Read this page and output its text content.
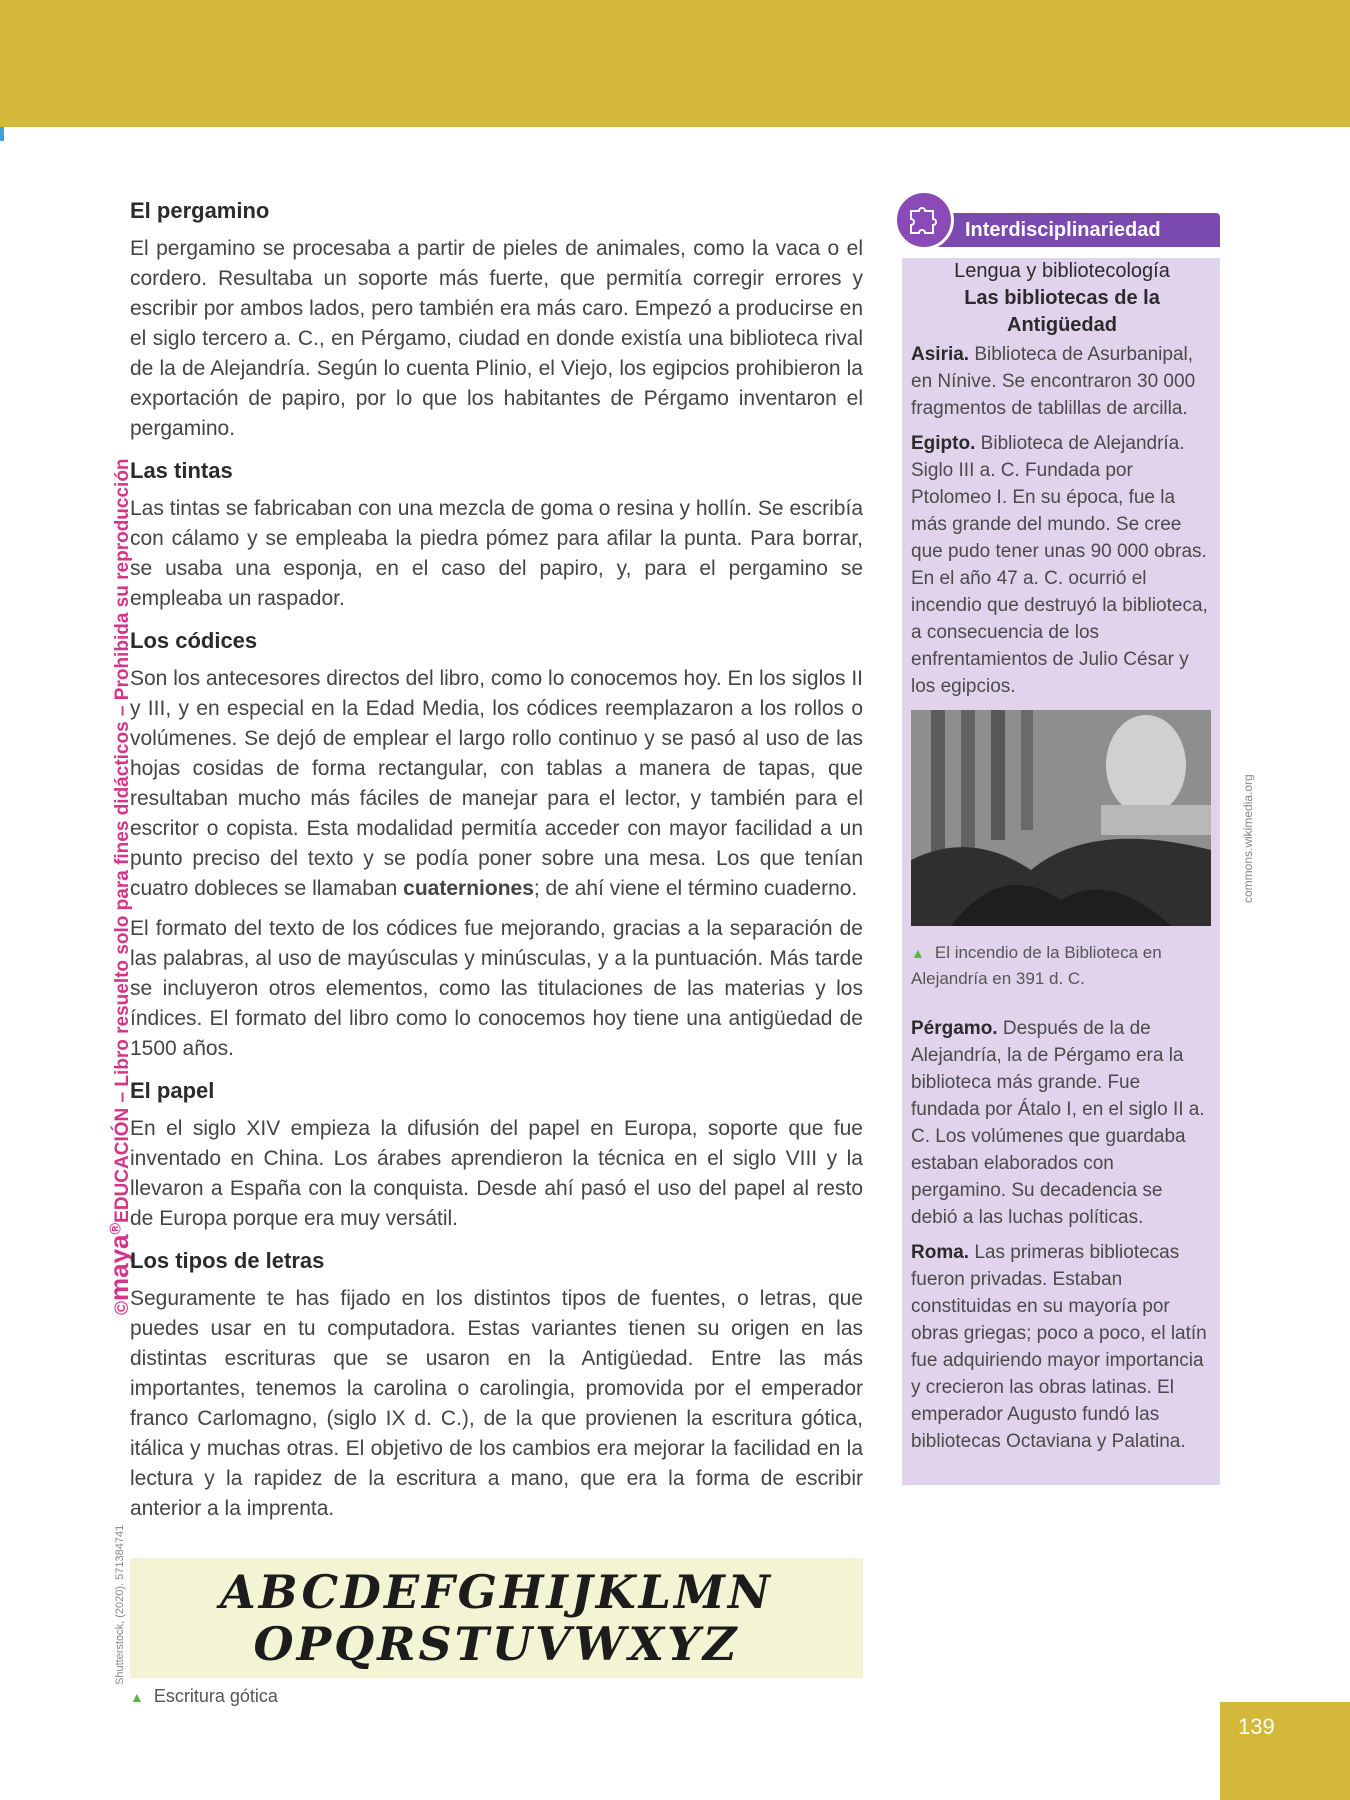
©maya®EDUCACIÓN – Libro resuelto solo para fines didácticos – Prohibida su reproducción
Shutterstock, (2020). 571384741
commons.wikimedia.org
El pergamino

El pergamino se procesaba a partir de pieles de animales, como la vaca o el cordero. Resultaba un soporte más fuerte, que permitía corregir errores y escribir por ambos lados, pero también era más caro. Empezó a producirse en el siglo tercero a. C., en Pérgamo, ciudad en donde existía una biblioteca rival de la de Alejandría. Según lo cuenta Plinio, el Viejo, los egipcios prohibieron la exportación de papiro, por lo que los habitantes de Pérgamo inventaron el pergamino.

Las tintas

Las tintas se fabricaban con una mezcla de goma o resina y hollín. Se escribía con cálamo y se empleaba la piedra pómez para afilar la punta. Para borrar, se usaba una esponja, en el caso del papiro, y, para el pergamino se empleaba un raspador.

Los códices

Son los antecesores directos del libro, como lo conocemos hoy. En los siglos II y III, y en especial en la Edad Media, los códices reemplazaron a los rollos o volúmenes. Se dejó de emplear el largo rollo continuo y se pasó al uso de las hojas cosidas de forma rectangular, con tablas a manera de tapas, que resultaban mucho más fáciles de manejar para el lector, y también para el escritor o copista. Esta modalidad permitía acceder con mayor facilidad a un punto preciso del texto y se podía poner sobre una mesa. Los que tenían cuatro dobleces se llamaban cuaterniones; de ahí viene el término cuaderno.

El formato del texto de los códices fue mejorando, gracias a la separación de las palabras, al uso de mayúsculas y minúsculas, y a la puntuación. Más tarde se incluyeron otros elementos, como las titulaciones de las materias y los índices. El formato del libro como lo conocemos hoy tiene una antigüedad de 1500 años.

El papel

En el siglo XIV empieza la difusión del papel en Europa, soporte que fue inventado en China. Los árabes aprendieron la técnica en el siglo VIII y la llevaron a España con la conquista. Desde ahí pasó el uso del papel al resto de Europa porque era muy versátil.

Los tipos de letras

Seguramente te has fijado en los distintos tipos de fuentes, o letras, que puedes usar en tu computadora. Estas variantes tienen su origen en las distintas escrituras que se usaron en la Antigüedad. Entre las más importantes, tenemos la carolina o carolingia, promovida por el emperador franco Carlomagno, (siglo IX d. C.), de la que provienen la escritura gótica, itálica y muchas otras. El objetivo de los cambios era mejorar la facilidad en la lectura y la rapidez de la escritura a mano, que era la forma de escribir anterior a la imprenta.

ABCDEFGHIJKLMN
OPQRSTUVWXYZ
▲ Escritura gótica
Interdisciplinariedad

Lengua y bibliotecología

Las bibliotecas de la Antigüedad

Asiria. Biblioteca de Asurbanipal, en Nínive. Se encontraron 30 000 fragmentos de tablillas de arcilla.

Egipto. Biblioteca de Alejandría. Siglo III a. C. Fundada por Ptolomeo I. En su época, fue la más grande del mundo. Se cree que pudo tener unas 90 000 obras. En el año 47 a. C. ocurrió el incendio que destruyó la biblioteca, a consecuencia de los enfrentamientos de Julio César y los egipcios.

▲ El incendio de la Biblioteca en Alejandría en 391 d. C.

Pérgamo. Después de la de Alejandría, la de Pérgamo era la biblioteca más grande. Fue fundada por Átalo I, en el siglo II a. C. Los volúmenes que guardaba estaban elaborados con pergamino. Su decadencia se debió a las luchas políticas.

Roma. Las primeras bibliotecas fueron privadas. Estaban constituidas en su mayoría por obras griegas; poco a poco, el latín fue adquiriendo mayor importancia y crecieron las obras latinas. El emperador Augusto fundó las bibliotecas Octaviana y Palatina.

139
